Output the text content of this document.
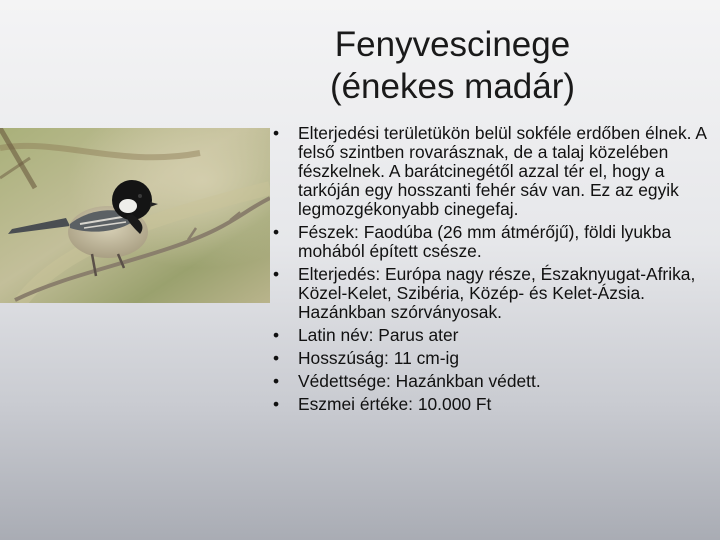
Fenyvescinege
(énekes madár)
• Elterjedési területükön belül sokféle erdőben élnek. A felső szintben rovarásznak, de a talaj közelében fészkelnek. A barátcinegétől azzal tér el, hogy a tarkóján egy hosszanti fehér sáv van. Ez az egyik legmozgékonyabb cinegefaj.
• Fészek: Faodúba (26 mm átmérőjű), földi lyukba mohából épített csésze.
• Elterjedés: Európa nagy része, Északnyugat-Afrika, Közel-Kelet, Szibéria, Közép- és Kelet-Ázsia. Hazánkban szórványosak.
• Latin név: Parus ater
• Hosszúság: 11 cm-ig
• Védettsége: Hazánkban védett.
• Eszmei értéke: 10.000 Ft
